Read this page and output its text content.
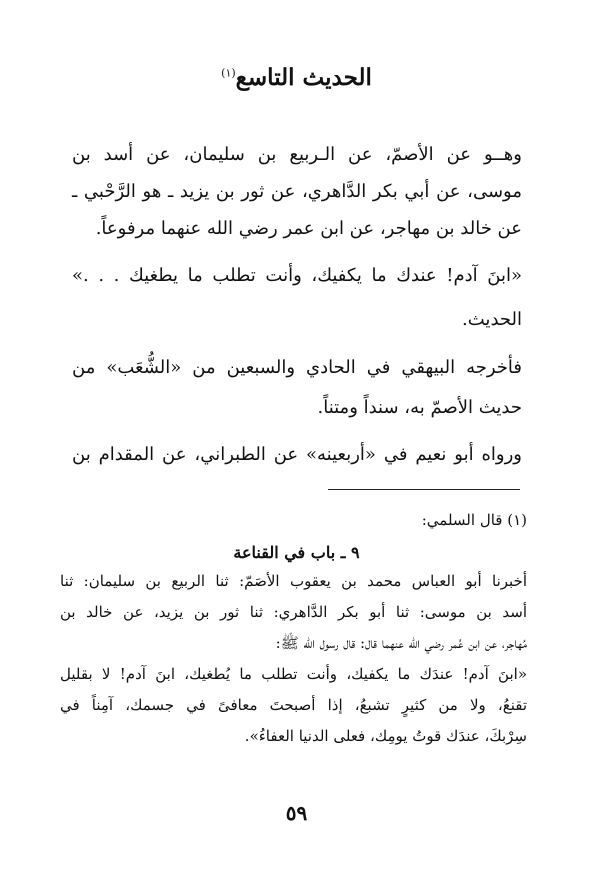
الحديث التاسع$^{(١)}$
وهــو عن الأصمّ، عن الـربيع بن سليمان، عن أسد بن
موسى، عن أبي بكر الدَّاهري، عن ثور بن يزيد ـ هو الرَّحْبي ـ
عن خالد بن مهاجر، عن ابن عمر رضي الله عنهما مرفوعاً.
«ابنَ آدم! عندك ما يكفيك، وأنت تطلب ما يطغيك . . .»
الحديث.
فأخرجه البيهقي في الحادي والسبعين من «الشُّعَب» من
حديث الأصمّ به، سنداً ومتناً.
ورواه أبو نعيم في «أربعينه» عن الطبراني، عن المقدام بن
(١) قال السلمي:
٩ ـ باب في القناعة
أخبرنا أبو العباس محمد بن يعقوب الأصَمّ: ثنا الربيع بن سليمان: ثنا
أسد بن موسى: ثنا أبو بكر الدَّاهري: ثنا ثور بن يزيد، عن خالد بن
مُهاجر، عن ابن عُمر رضي الله عنهما قال: قال رسول الله ﷺ:
«ابنَ آدم! عندَك ما يكفيك، وأنت تطلب ما يُطغيك، ابنَ آدم! لا بقليل
تقنعُ، ولا من كثيرٍ تشبعُ، إذا أصبحتَ معافىً في جسمك، آمِناً في
سِرْبكَ، عندَك قوتُ يومِك، فعلى الدنيا العفاءُ».
٥٩
